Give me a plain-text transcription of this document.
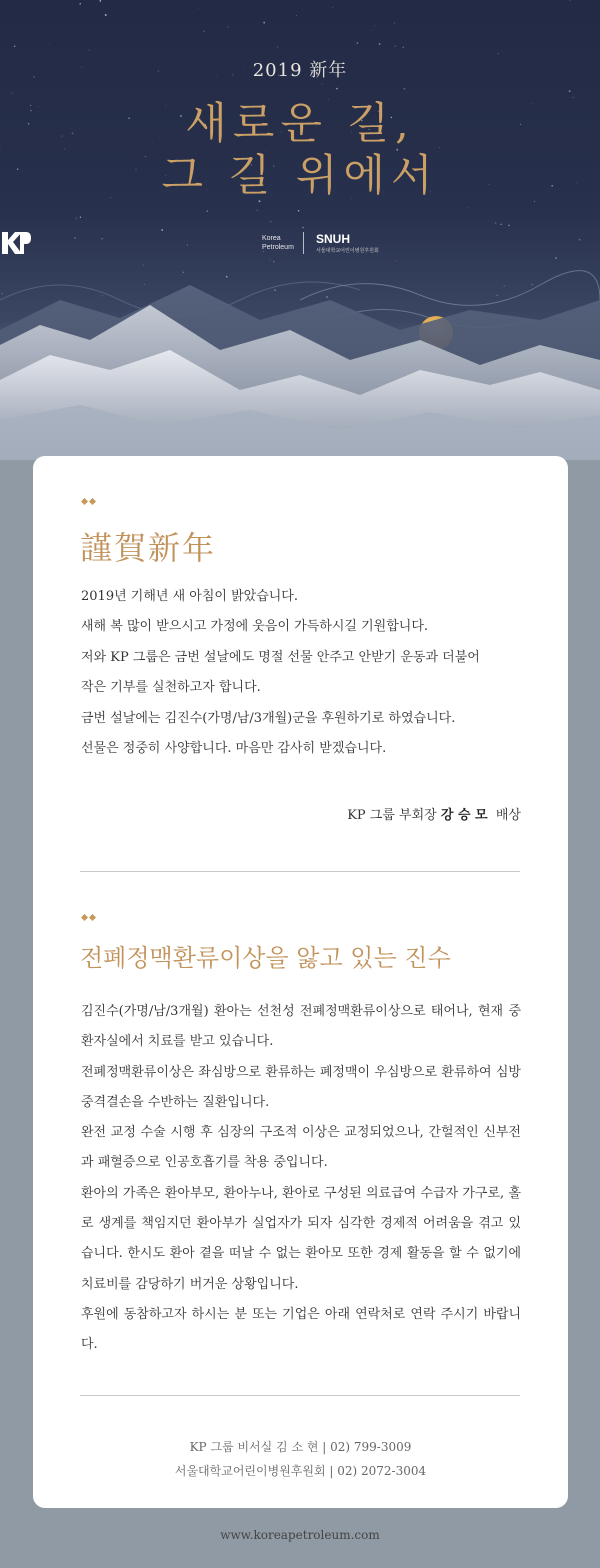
2019 新年
새로운 길,
그 길 위에서
Korea
Petroleum
SNUH
서울대학교어린이병원후원회
謹賀新年

2019년 기해년 새 아침이 밝았습니다.

새해 복 많이 받으시고 가정에 웃음이 가득하시길 기원합니다.

저와 KP 그룹은 금번 설날에도 명절 선물 안주고 안받기 운동과 더불어

작은 기부를 실천하고자 합니다.

금번 설날에는 김진수(가명/남/3개월)군을 후원하기로 하였습니다.

선물은 정중히 사양합니다. 마음만 감사히 받겠습니다.

KP 그룹 부회장 강 승 모 배상
전폐정맥환류이상을 앓고 있는 진수

김진수(가명/남/3개월) 환아는 선천성 전폐정맥환류이상으로 태어나, 현재 중환자실에서 치료를 받고 있습니다.

전폐정맥환류이상은 좌심방으로 환류하는 폐정맥이 우심방으로 환류하여 심방중격결손을 수반하는 질환입니다.

완전 교정 수술 시행 후 심장의 구조적 이상은 교정되었으나, 간헐적인 신부전과 패혈증으로 인공호흡기를 착용 중입니다.

환아의 가족은 환아부모, 환아누나, 환아로 구성된 의료급여 수급자 가구로, 홀로 생계를 책임지던 환아부가 실업자가 되자 심각한 경제적 어려움을 겪고 있습니다. 한시도 환아 곁을 떠날 수 없는 환아모 또한 경제 활동을 할 수 없기에 치료비를 감당하기 버거운 상황입니다.

후원에 동참하고자 하시는 분 또는 기업은 아래 연락처로 연락 주시기 바랍니다.

KP 그룹 비서실 김 소 현 | 02) 799-3009
서울대학교어린이병원후원회 | 02) 2072-3004
www.koreapetroleum.com
